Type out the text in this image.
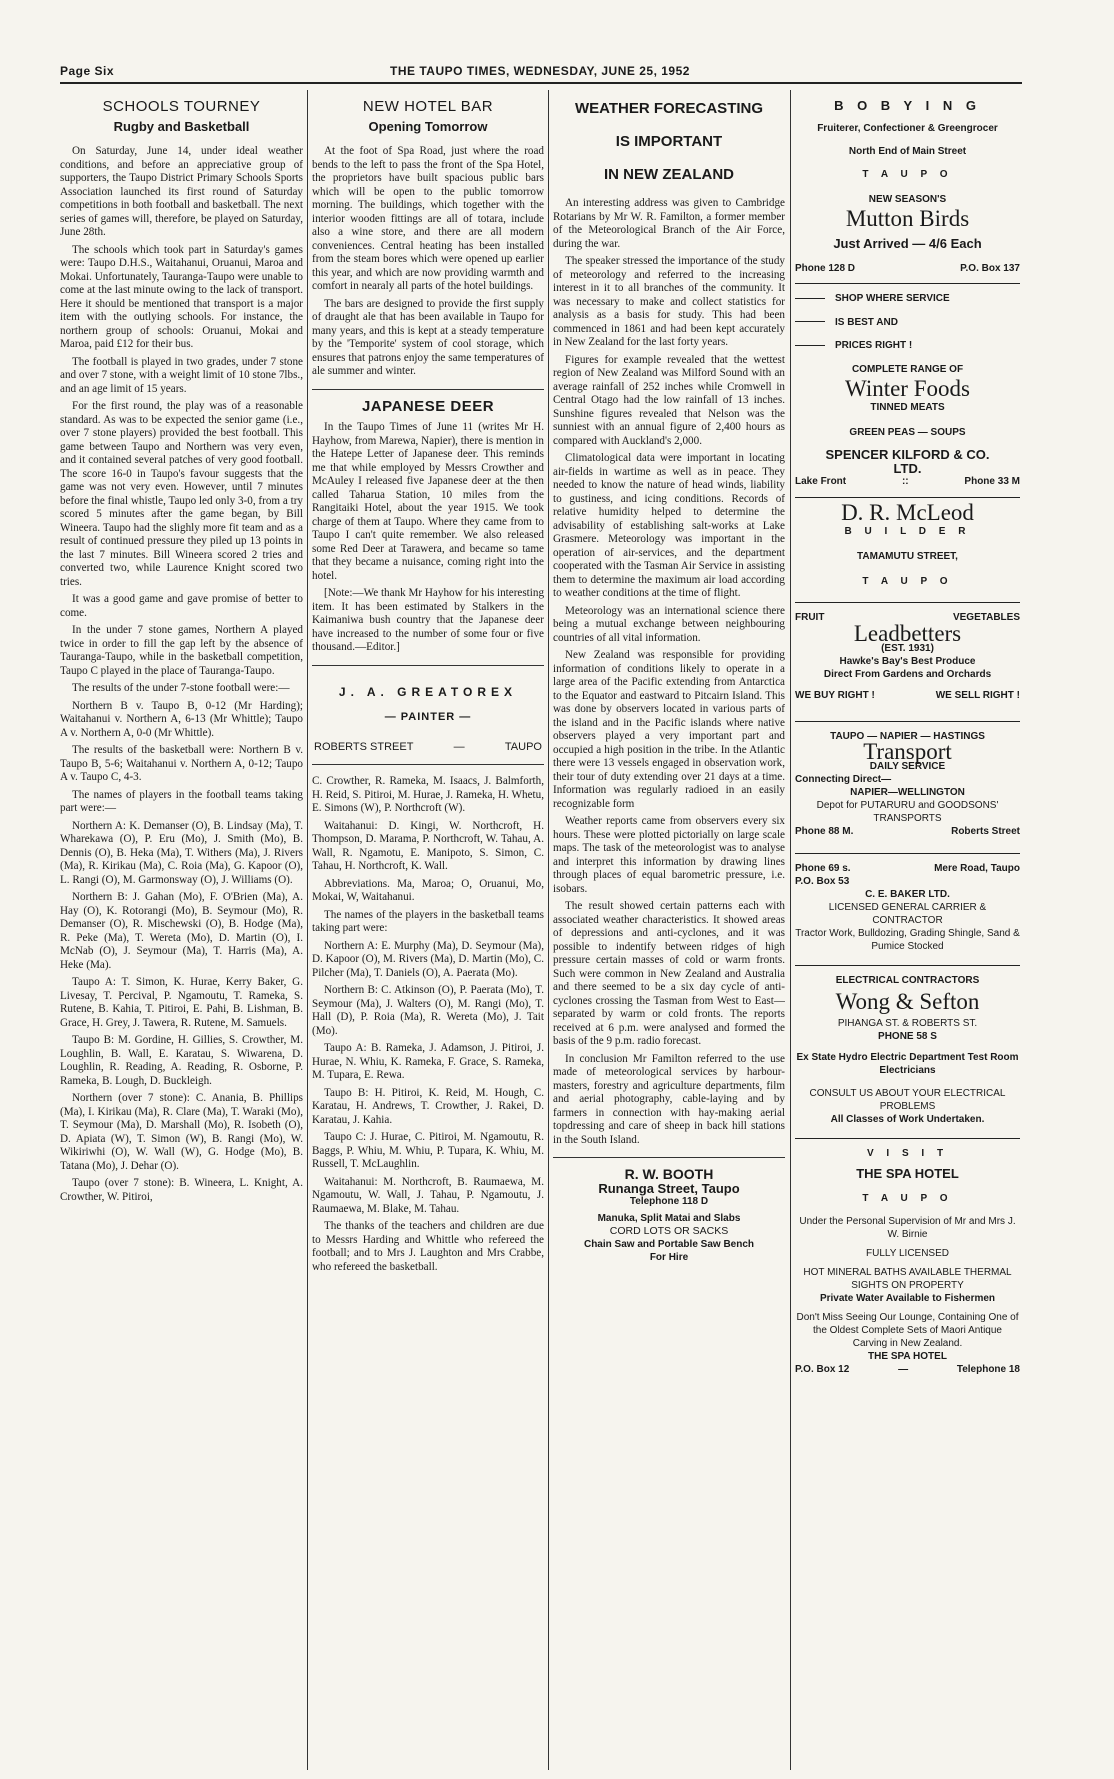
Page Six	THE TAUPO TIMES, WEDNESDAY, JUNE 25, 1952
SCHOOLS TOURNEY
Rugby and Basketball

On Saturday, June 14, under ideal weather conditions, and before an appreciative group of supporters, the Taupo District Primary Schools Sports Association launched its first round of Saturday competitions in both football and basketball. The next series of games will, therefore, be played on Saturday, June 28th.

The schools which took part in Saturday's games were: Taupo D.H.S., Waitahanui, Oruanui, Maroa and Mokai. Unfortunately, Tauranga-Taupo were unable to come at the last minute owing to the lack of transport. Here it should be mentioned that transport is a major item with the outlying schools. For instance, the northern group of schools: Oruanui, Mokai and Maroa, paid £12 for their bus.

The football is played in two grades, under 7 stone and over 7 stone, with a weight limit of 10 stone 7lbs., and an age limit of 15 years.

For the first round, the play was of a reasonable standard. As was to be expected the senior game (i.e., over 7 stone players) provided the best football. This game between Taupo and Northern was very even, and it contained several patches of very good football. The score 16-0 in Taupo's favour suggests that the game was not very even. However, until 7 minutes before the final whistle, Taupo led only 3-0, from a try scored 5 minutes after the game began, by Bill Wineera. Taupo had the slighly more fit team and as a result of continued pressure they piled up 13 points in the last 7 minutes. Bill Wineera scored 2 tries and converted two, while Laurence Knight scored two tries.

It was a good game and gave promise of better to come.

In the under 7 stone games, Northern A played twice in order to fill the gap left by the absence of Tauranga-Taupo, while in the basketball competition, Taupo C played in the place of Tauranga-Taupo.

The results of the under 7-stone football were:—

Northern B v. Taupo B, 0-12 (Mr Harding); Waitahanui v. Northern A, 6-13 (Mr Whittle); Taupo A v. Northern A, 0-0 (Mr Whittle).

The results of the basketball were: Northern B v. Taupo B, 5-6; Waitahanui v. Northern A, 0-12; Taupo A v. Taupo C, 4-3.

The names of players in the football teams taking part were:—

Northern A: K. Demanser (O), B. Lindsay (Ma), T. Wharekawa (O), P. Eru (Mo), J. Smith (Mo), B. Dennis (O), B. Heka (Ma), T. Withers (Ma), J. Rivers (Ma), R. Kirikau (Ma), C. Roia (Ma), G. Kapoor (O), L. Rangi (O), M. Garmonsway (O), J. Williams (O).

Northern B: J. Gahan (Mo), F. O'Brien (Ma), A. Hay (O), K. Rotorangi (Mo), B. Seymour (Mo), R. Demanser (O), R. Mischewski (O), B. Hodge (Ma), R. Peke (Ma), T. Wereta (Mo), D. Martin (O), I. McNab (O), J. Seymour (Ma), T. Harris (Ma), A. Heke (Ma).

Taupo A: T. Simon, K. Hurae, Kerry Baker, G. Livesay, T. Percival, P. Ngamoutu, T. Rameka, S. Rutene, B. Kahia, T. Pitiroi, E. Pahi, B. Lishman, B. Grace, H. Grey, J. Tawera, R. Rutene, M. Samuels.

Taupo B: M. Gordine, H. Gillies, S. Crowther, M. Loughlin, B. Wall, E. Karatau, S. Wiwarena, D. Loughlin, R. Reading, A. Reading, R. Osborne, P. Rameka, B. Lough, D. Buckleigh.

Northern (over 7 stone): C. Anania, B. Phillips (Ma), I. Kirikau (Ma), R. Clare (Ma), T. Waraki (Mo), T. Seymour (Ma), D. Marshall (Mo), R. Isobeth (O), D. Apiata (W), T. Simon (W), B. Rangi (Mo), W. Wikiriwhi (O), W. Wall (W), G. Hodge (Mo), B. Tatana (Mo), J. Dehar (O).

Taupo (over 7 stone): B. Wineera, L. Knight, A. Crowther, W. Pitiroi,

NEW HOTEL BAR
Opening Tomorrow

At the foot of Spa Road, just where the road bends to the left to pass the front of the Spa Hotel, the proprietors have built spacious public bars which will be open to the public tomorrow morning. The buildings, which together with the interior wooden fittings are all of totara, include also a wine store, and there are all modern conveniences. Central heating has been installed from the steam bores which were opened up earlier this year, and which are now providing warmth and comfort in nearaly all parts of the hotel buildings.

The bars are designed to provide the first supply of draught ale that has been available in Taupo for many years, and this is kept at a steady temperature by the 'Temporite' system of cool storage, which ensures that patrons enjoy the same temperatures of ale summer and winter.

JAPANESE DEER

In the Taupo Times of June 11 (writes Mr H. Hayhow, from Marewa, Napier), there is mention in the Hatepe Letter of Japanese deer. This reminds me that while employed by Messrs Crowther and McAuley I released five Japanese deer at the then called Taharua Station, 10 miles from the Rangitaiki Hotel, about the year 1915. We took charge of them at Taupo. Where they came from to Taupo I can't quite remember. We also released some Red Deer at Tarawera, and became so tame that they became a nuisance, coming right into the hotel.

[Note:—We thank Mr Hayhow for his interesting item. It has been estimated by Stalkers in the Kaimaniwa bush country that the Japanese deer have increased to the number of some four or five thousand.—Editor.]

J. A. GREATOREX
— PAINTER —
ROBERTS STREET	—	TAUPO

C. Crowther, R. Rameka, M. Isaacs, J. Balmforth, H. Reid, S. Pitiroi, M. Hurae, J. Rameka, H. Whetu, E. Simons (W), P. Northcroft (W).

Waitahanui: D. Kingi, W. Northcroft, H. Thompson, D. Marama, P. Northcroft, W. Tahau, A. Wall, R. Ngamotu, E. Manipoto, S. Simon, C. Tahau, H. Northcroft, K. Wall.

Abbreviations. Ma, Maroa; O, Oruanui, Mo, Mokai, W, Waitahanui.

The names of the players in the basketball teams taking part were:

Northern A: E. Murphy (Ma), D. Seymour (Ma), D. Kapoor (O), M. Rivers (Ma), D. Martin (Mo), C. Pilcher (Ma), T. Daniels (O), A. Paerata (Mo).

Northern B: C. Atkinson (O), P. Paerata (Mo), T. Seymour (Ma), J. Walters (O), M. Rangi (Mo), T. Hall (D), P. Roia (Ma), R. Wereta (Mo), J. Tait (Mo).

Taupo A: B. Rameka, J. Adamson, J. Pitiroi, J. Hurae, N. Whiu, K. Rameka, F. Grace, S. Rameka, M. Tupara, E. Rewa.

Taupo B: H. Pitiroi, K. Reid, M. Hough, C. Karatau, H. Andrews, T. Crowther, J. Rakei, D. Karatau, J. Kahia.

Taupo C: J. Hurae, C. Pitiroi, M. Ngamoutu, R. Baggs, P. Whiu, M. Whiu, P. Tupara, K. Whiu, M. Russell, T. McLaughlin.

Waitahanui: M. Northcroft, B. Raumaewa, M. Ngamoutu, W. Wall, J. Tahau, P. Ngamoutu, J. Raumaewa, M. Blake, M. Tahau.

The thanks of the teachers and children are due to Messrs Harding and Whittle who refereed the football; and to Mrs J. Laughton and Mrs Crabbe, who refereed the basketball.

WEATHER FORECASTING
IS IMPORTANT
IN NEW ZEALAND

An interesting address was given to Cambridge Rotarians by Mr W. R. Familton, a former member of the Meteorological Branch of the Air Force, during the war.

The speaker stressed the importance of the study of meteorology and referred to the increasing interest in it to all branches of the community. It was necessary to make and collect statistics for analysis as a basis for study. This had been commenced in 1861 and had been kept accurately in New Zealand for the last forty years.

Figures for example revealed that the wettest region of New Zealand was Milford Sound with an average rainfall of 252 inches while Cromwell in Central Otago had the low rainfall of 13 inches. Sunshine figures revealed that Nelson was the sunniest with an annual figure of 2,400 hours as compared with Auckland's 2,000.

Climatological data were important in locating air-fields in wartime as well as in peace. They needed to know the nature of head winds, liability to gustiness, and icing conditions. Records of relative humidity helped to determine the advisability of establishing salt-works at Lake Grasmere. Meteorology was important in the operation of air-services, and the department cooperated with the Tasman Air Service in assisting them to determine the maximum air load according to weather conditions at the time of flight.

Meteorology was an international science there being a mutual exchange between neighbouring countries of all vital information.

New Zealand was responsible for providing information of conditions likely to operate in a large area of the Pacific extending from Antarctica to the Equator and eastward to Pitcairn Island. This was done by observers located in various parts of the island and in the Pacific islands where native observers played a very important part and occupied a high position in the tribe. In the Atlantic there were 13 vessels engaged in observation work, their tour of duty extending over 21 days at a time. Information was regularly radioed in an easily recognizable form

Weather reports came from observers every six hours. These were plotted pictorially on large scale maps. The task of the meteorologist was to analyse and interpret this information by drawing lines through places of equal barometric pressure, i.e. isobars.

The result showed certain patterns each with associated weather characteristics. It showed areas of depressions and anti-cyclones, and it was possible to indentify between ridges of high pressure certain masses of cold or warm fronts. Such were common in New Zealand and Australia and there seemed to be a six day cycle of anti-cyclones crossing the Tasman from West to East—separated by warm or cold fronts. The reports received at 6 p.m. were analysed and formed the basis of the 9 p.m. radio forecast.

In conclusion Mr Familton referred to the use made of meteorological services by harbour-masters, forestry and agriculture departments, film and aerial photography, cable-laying and by farmers in connection with hay-making aerial topdressing and care of sheep in back hill stations in the South Island.

R. W. BOOTH
Runanga Street, Taupo
Telephone 118 D
Manuka, Split Matai and Slabs
CORD LOTS OR SACKS
Chain Saw and Portable Saw Bench
For Hire
B O B Y I N G
Fruiterer, Confectioner & Greengrocer
North End of Main Street
T A U P O
NEW SEASON'S
Mutton Birds
Just Arrived — 4/6 Each
Phone 128 D	P.O. Box 137
SHOP WHERE SERVICE
IS BEST AND
PRICES RIGHT !
COMPLETE RANGE OF
Winter Foods
TINNED MEATS
GREEN PEAS — SOUPS
SPENCER KILFORD & CO.
LTD.
Lake Front	::	Phone 33 M
D. R. McLeod
B U I L D E R
TAMAMUTU STREET,
T A U P O
FRUIT	VEGETABLES
Leadbetters
(EST. 1931)
Hawke's Bay's Best Produce
Direct From Gardens and Orchards
WE BUY RIGHT !	WE SELL RIGHT !
TAUPO — NAPIER — HASTINGS
Transport
DAILY SERVICE
Connecting Direct—
NAPIER—WELLINGTON
Depot for PUTARURU and GOODSONS' TRANSPORTS
Phone 88 M.	Roberts Street
Phone 69 s.	Mere Road, Taupo
P.O. Box 53
C. E. BAKER LTD.
LICENSED GENERAL CARRIER & CONTRACTOR
Tractor Work, Bulldozing, Grading Shingle, Sand & Pumice Stocked
ELECTRICAL CONTRACTORS
Wong & Sefton
PIHANGA ST. & ROBERTS ST.
PHONE 58 S
Ex State Hydro Electric Department Test Room Electricians
CONSULT US ABOUT YOUR ELECTRICAL PROBLEMS
All Classes of Work Undertaken.
V I S I T
THE SPA HOTEL
T A U P O
Under the Personal Supervision of Mr and Mrs J. W. Birnie
FULLY LICENSED
HOT MINERAL BATHS AVAILABLE THERMAL SIGHTS ON PROPERTY
Private Water Available to Fishermen
Don't Miss Seeing Our Lounge, Containing One of the Oldest Complete Sets of Maori Antique Carving in New Zealand.
THE SPA HOTEL
P.O. Box 12	—	Telephone 18
